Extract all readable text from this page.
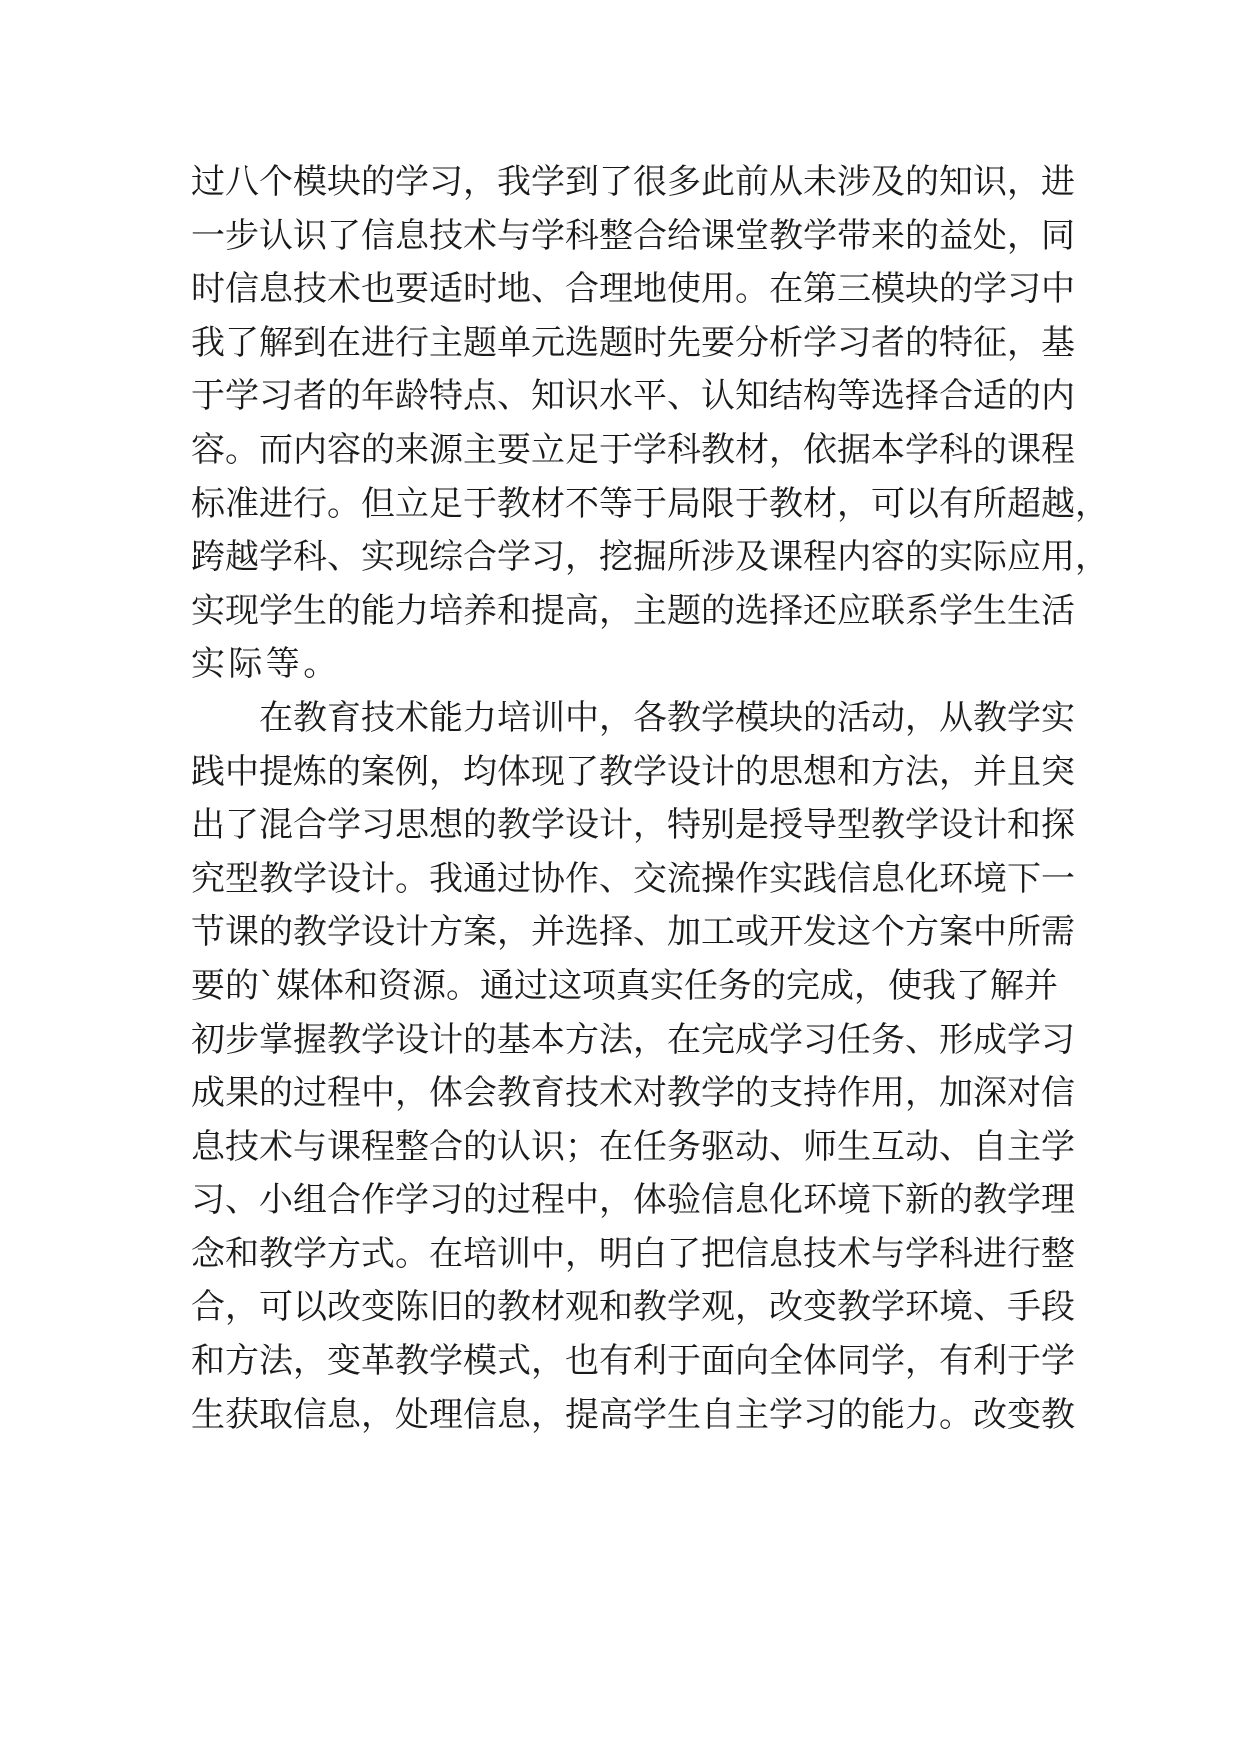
过八个模块的学习，我学到了很多此前从未涉及的知识，进
一步认识了信息技术与学科整合给课堂教学带来的益处，同
时信息技术也要适时地、合理地使用。在第三模块的学习中
我了解到在进行主题单元选题时先要分析学习者的特征，基
于学习者的年龄特点、知识水平、认知结构等选择合适的内
容。而内容的来源主要立足于学科教材，依据本学科的课程
标准进行。但立足于教材不等于局限于教材，可以有所超越，
跨越学科、实现综合学习，挖掘所涉及课程内容的实际应用，
实现学生的能力培养和提高，主题的选择还应联系学生生活
实际等。
在教育技术能力培训中，各教学模块的活动，从教学实
践中提炼的案例，均体现了教学设计的思想和方法，并且突
出了混合学习思想的教学设计，特别是授导型教学设计和探
究型教学设计。我通过协作、交流操作实践信息化环境下一
节课的教学设计方案，并选择、加工或开发这个方案中所需
要的`媒体和资源。通过这项真实任务的完成，使我了解并
初步掌握教学设计的基本方法，在完成学习任务、形成学习
成果的过程中，体会教育技术对教学的支持作用，加深对信
息技术与课程整合的认识；在任务驱动、师生互动、自主学
习、小组合作学习的过程中，体验信息化环境下新的教学理
念和教学方式。在培训中，明白了把信息技术与学科进行整
合，可以改变陈旧的教材观和教学观，改变教学环境、手段
和方法，变革教学模式，也有利于面向全体同学，有利于学
生获取信息，处理信息，提高学生自主学习的能力。改变教
